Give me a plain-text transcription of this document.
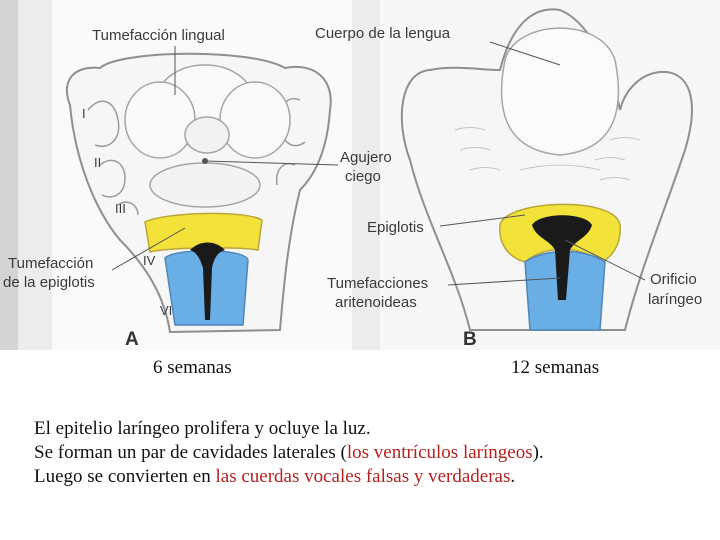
Tumefacción lingual	Cuerpo de la lengua
Agujero
ciego
Epiglotis
Tumefacción
de la epiglotis	Tumefacciones
aritenoideas
Orificio
laríngeo
I
II
III
IV
VI
A	B
6 semanas	12 semanas
El epitelio laríngeo prolifera y ocluye la luz.
Se forman un par de cavidades laterales (los ventrículos laríngeos).
Luego se convierten en las cuerdas vocales falsas y verdaderas.
